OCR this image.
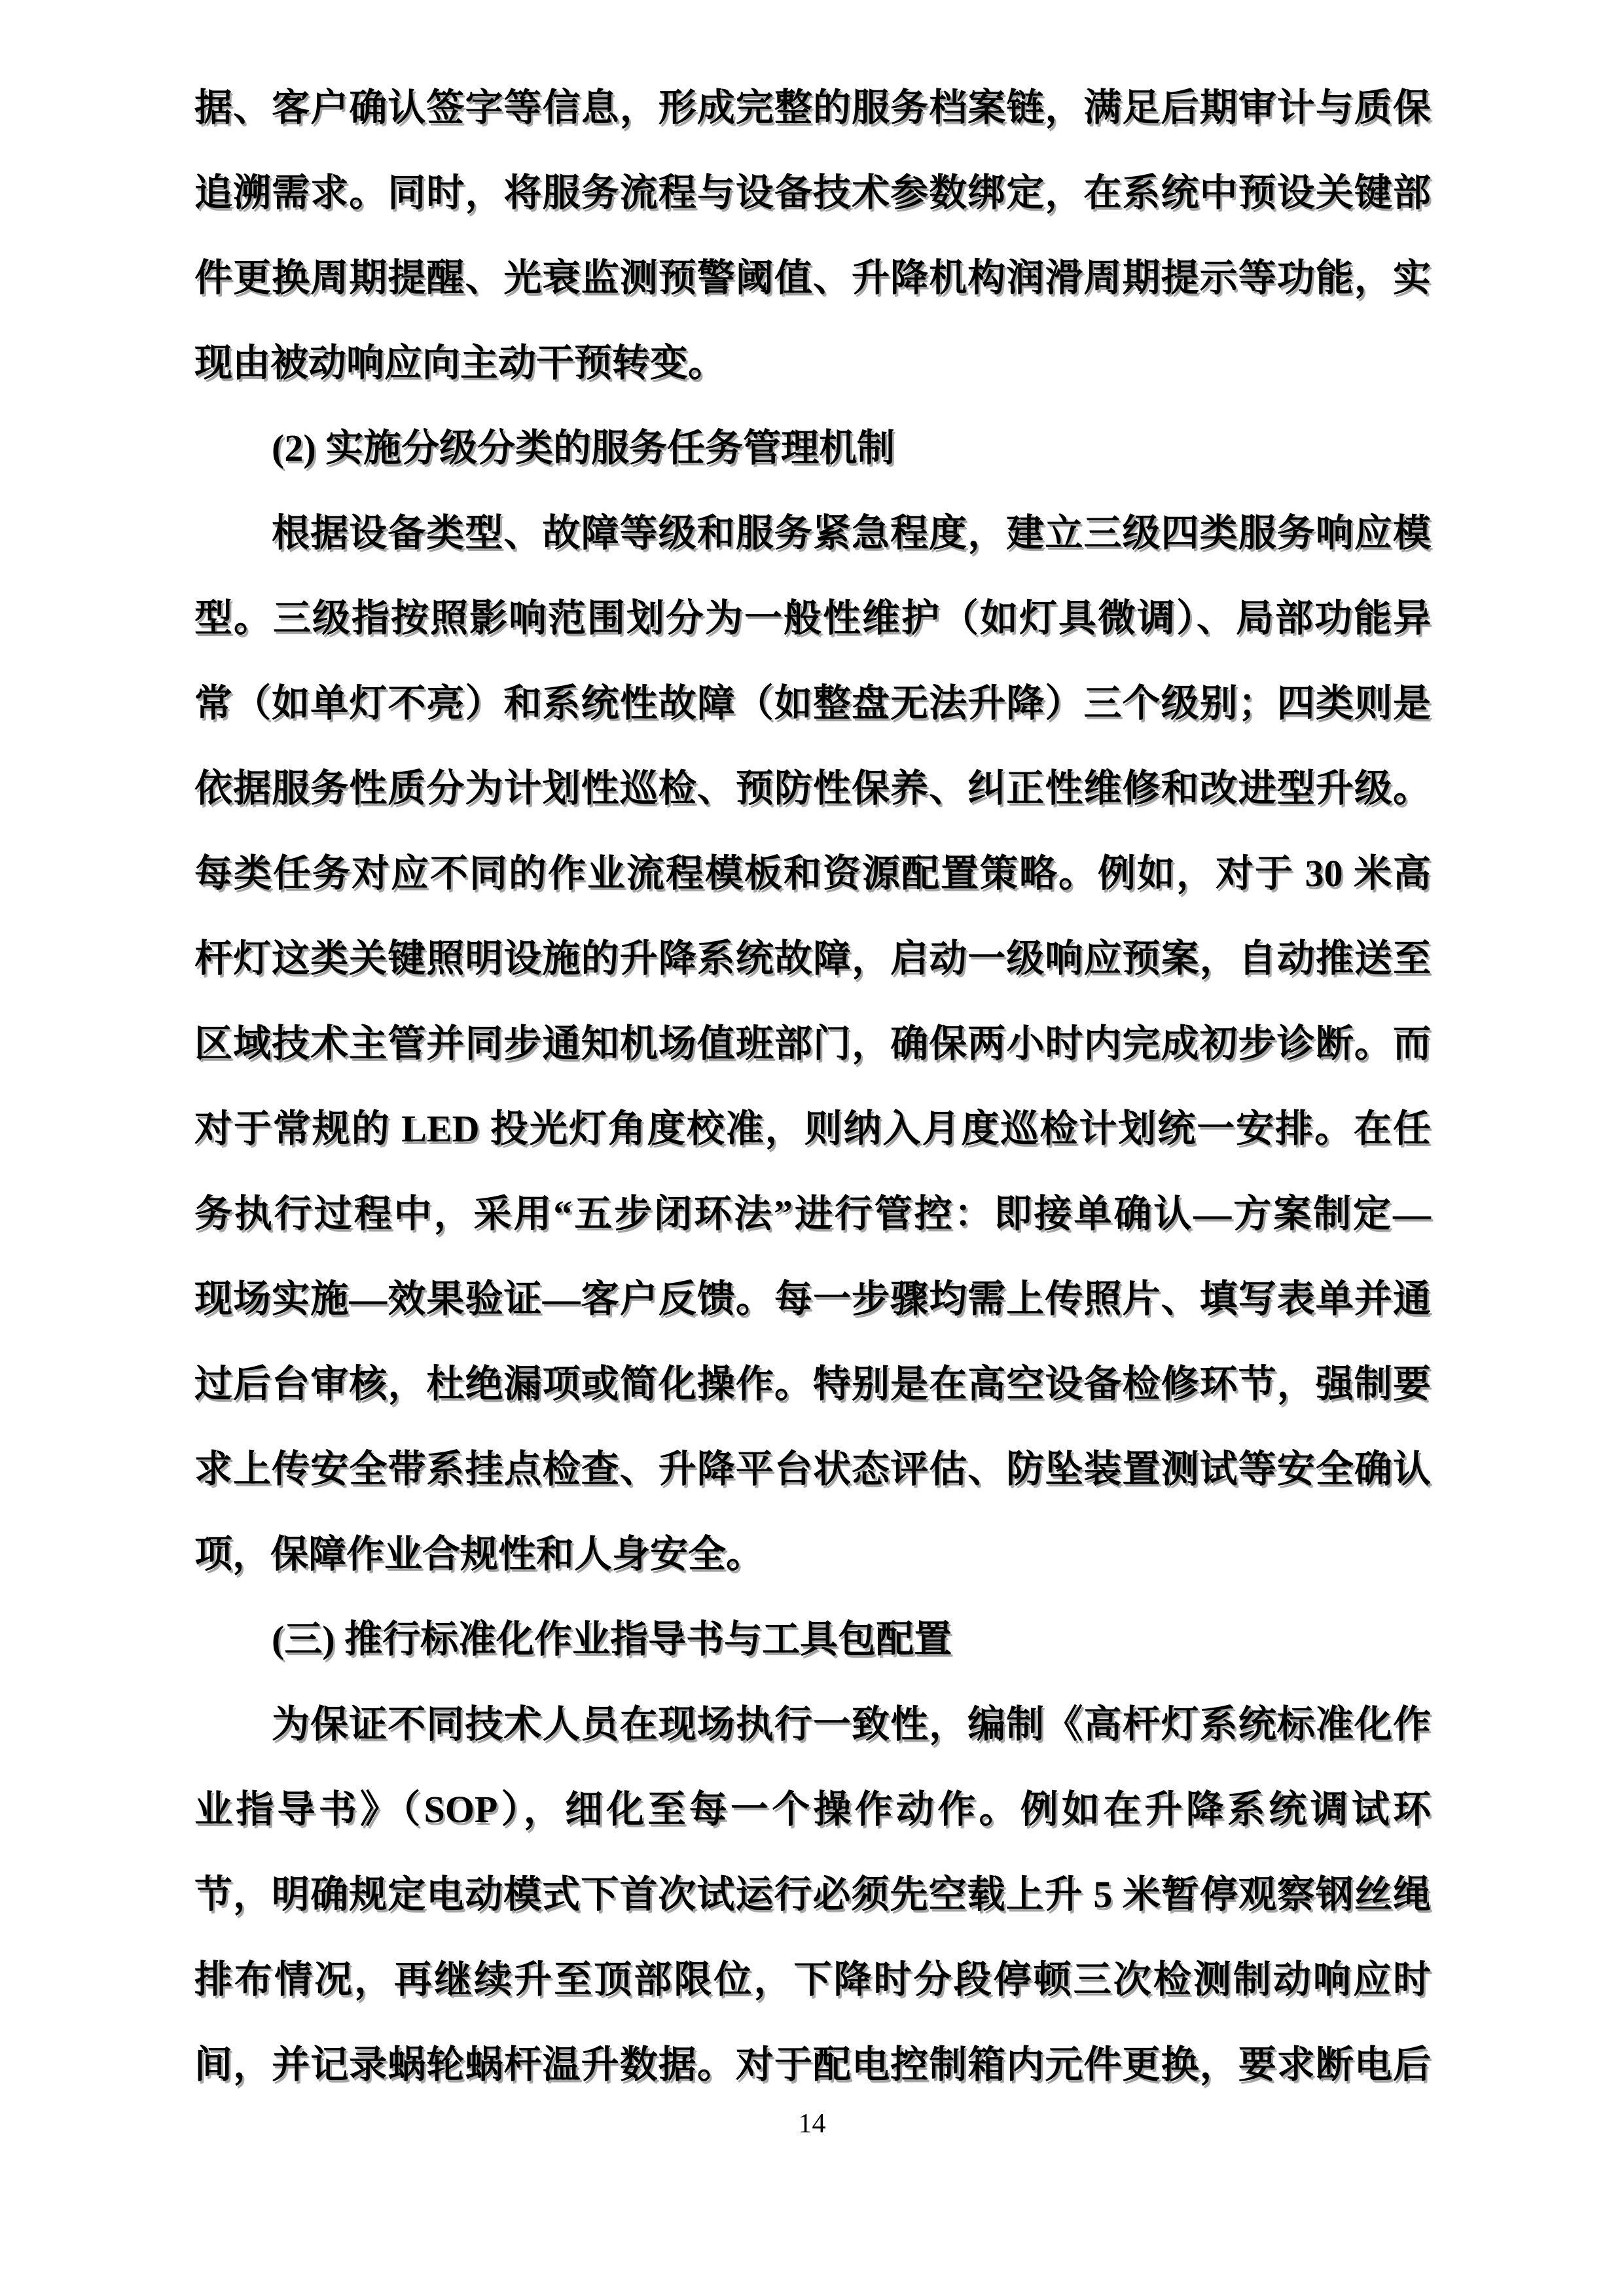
据、客户确认签字等信息，形成完整的服务档案链，满足后期审计与质保
追溯需求。同时，将服务流程与设备技术参数绑定，在系统中预设关键部
件更换周期提醒、光衰监测预警阈值、升降机构润滑周期提示等功能，实
现由被动响应向主动干预转变。
(2) 实施分级分类的服务任务管理机制
根据设备类型、故障等级和服务紧急程度，建立三级四类服务响应模
型。三级指按照影响范围划分为一般性维护（如灯具微调）、局部功能异
常（如单灯不亮）和系统性故障（如整盘无法升降）三个级别；四类则是
依据服务性质分为计划性巡检、预防性保养、纠正性维修和改进型升级。
每类任务对应不同的作业流程模板和资源配置策略。例如，对于 30 米高
杆灯这类关键照明设施的升降系统故障，启动一级响应预案，自动推送至
区域技术主管并同步通知机场值班部门，确保两小时内完成初步诊断。而
对于常规的 LED 投光灯角度校准，则纳入月度巡检计划统一安排。在任
务执行过程中，采用“五步闭环法”进行管控：即接单确认—方案制定—
现场实施—效果验证—客户反馈。每一步骤均需上传照片、填写表单并通
过后台审核，杜绝漏项或简化操作。特别是在高空设备检修环节，强制要
求上传安全带系挂点检查、升降平台状态评估、防坠装置测试等安全确认
项，保障作业合规性和人身安全。
(三) 推行标准化作业指导书与工具包配置
为保证不同技术人员在现场执行一致性，编制《高杆灯系统标准化作
业指导书》（SOP），细化至每一个操作动作。例如在升降系统调试环
节，明确规定电动模式下首次试运行必须先空载上升 5 米暂停观察钢丝绳
排布情况，再继续升至顶部限位，下降时分段停顿三次检测制动响应时
间，并记录蜗轮蜗杆温升数据。对于配电控制箱内元件更换，要求断电后
14
